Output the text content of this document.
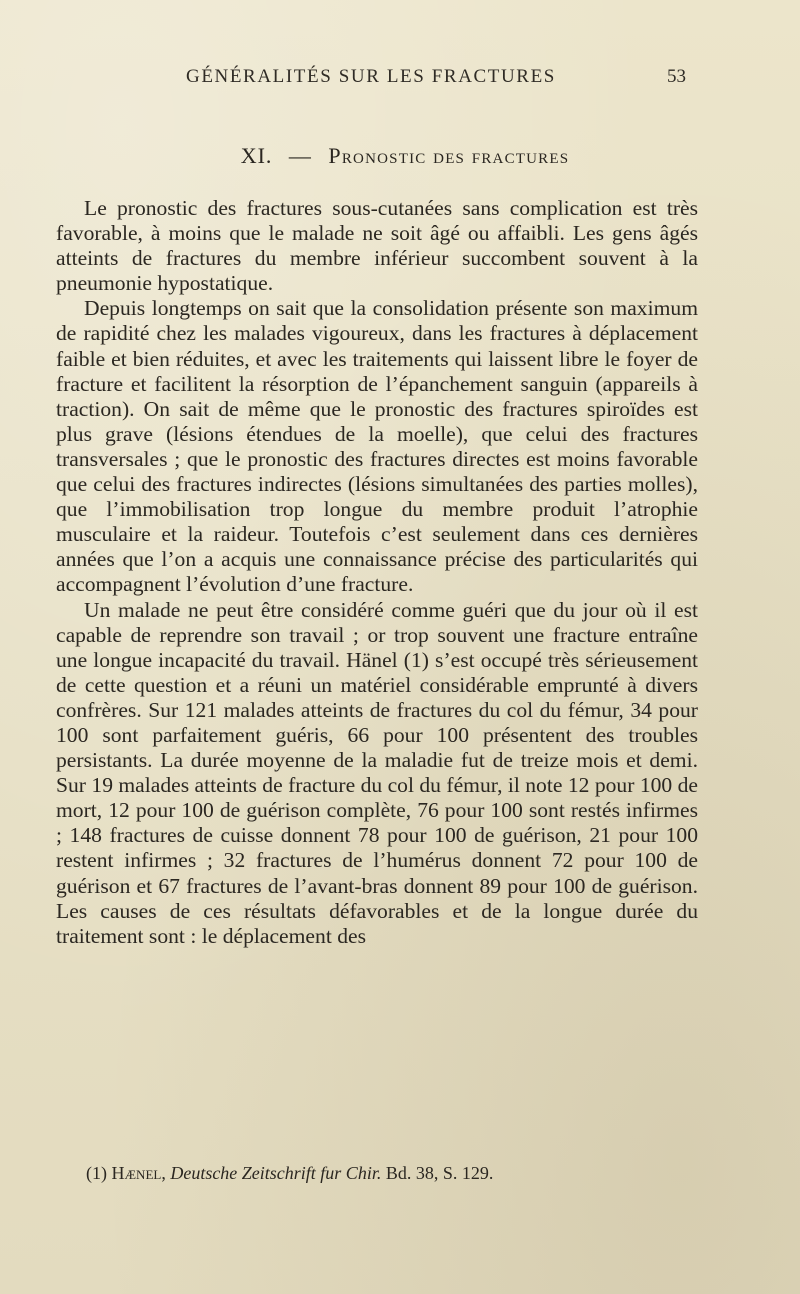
GÉNÉRALITÉS SUR LES FRACTURES	53
XI. — Pronostic des fractures

Le pronostic des fractures sous-cutanées sans complication est très favorable, à moins que le malade ne soit âgé ou affaibli. Les gens âgés atteints de fractures du membre inférieur succombent souvent à la pneumonie hypostatique.

Depuis longtemps on sait que la consolidation présente son maximum de rapidité chez les malades vigoureux, dans les fractures à déplacement faible et bien réduites, et avec les traitements qui laissent libre le foyer de fracture et facilitent la résorption de l’épanchement sanguin (appareils à traction). On sait de même que le pronostic des fractures spiroïdes est plus grave (lésions étendues de la moelle), que celui des fractures transversales ; que le pronostic des fractures directes est moins favorable que celui des fractures indirectes (lésions simultanées des parties molles), que l’immobilisation trop longue du membre produit l’atrophie musculaire et la raideur. Toutefois c’est seulement dans ces dernières années que l’on a acquis une connaissance précise des particularités qui accompagnent l’évolution d’une fracture.

Un malade ne peut être considéré comme guéri que du jour où il est capable de reprendre son travail ; or trop souvent une fracture entraîne une longue incapacité du travail. Hänel (1) s’est occupé très sérieusement de cette question et a réuni un matériel considérable emprunté à divers confrères. Sur 121 malades atteints de fractures du col du fémur, 34 pour 100 sont parfaitement guéris, 66 pour 100 présentent des troubles persistants. La durée moyenne de la maladie fut de treize mois et demi. Sur 19 malades atteints de fracture du col du fémur, il note 12 pour 100 de mort, 12 pour 100 de guérison complète, 76 pour 100 sont restés infirmes ; 148 fractures de cuisse donnent 78 pour 100 de guérison, 21 pour 100 restent infirmes ; 32 fractures de l’humérus donnent 72 pour 100 de guérison et 67 fractures de l’avant-bras donnent 89 pour 100 de guérison. Les causes de ces résultats défavorables et de la longue durée du traitement sont : le déplacement des

(1) Hænel, Deutsche Zeitschrift fur Chir. Bd. 38, S. 129.
